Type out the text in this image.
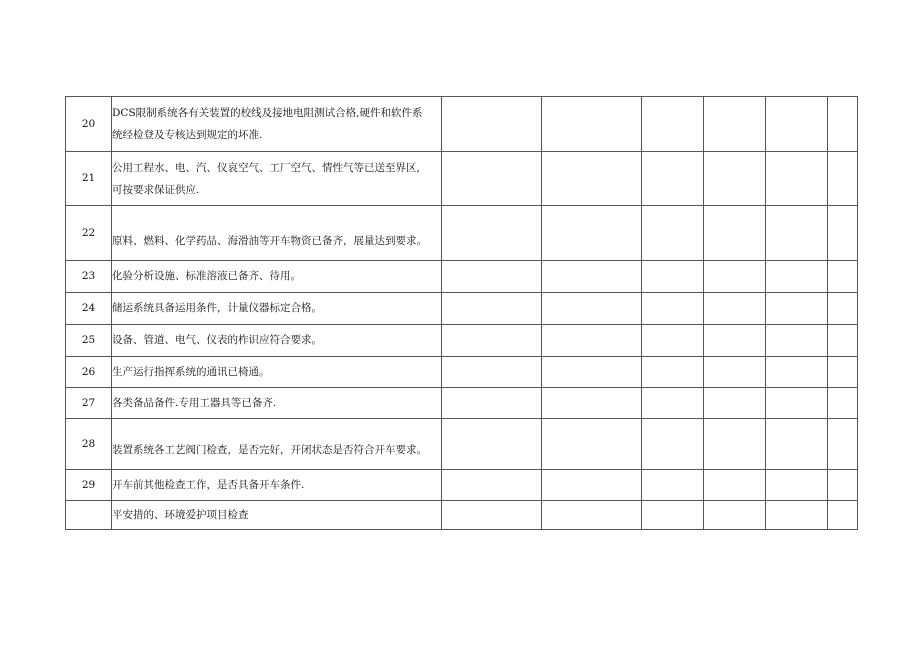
20	DCS限制系统各有关装置的校线及接地电阻测试合格,硬件和软件系
统经检登及专核达到规定的坏准.						

21	公用工程水、电、汽、仪哀空气、工厂空气、情性气等已送至界区,
可按要求保证供应.						

22	原料、燃料、化学药品、海滑油等开车物资已备齐，展量达到要求。						
23	化验分析设施、标准溶液已备齐、待用。						
24	储运系统具备运用条件，计量仪器标定合格。						
25	设备、管道、电气、仪表的柞识应符合要求。						
26	生产运行指挥系统的通讯已椅通。						
27	各类备品备件.专用工器具等已备齐.						
28	装置系统各工艺阀门检查，是否完好，开闭状态是否符合开车要求。						
29	开车前其他检查工作，是否具备开车条件.						
	平安措的、环境爱护项目检查						
